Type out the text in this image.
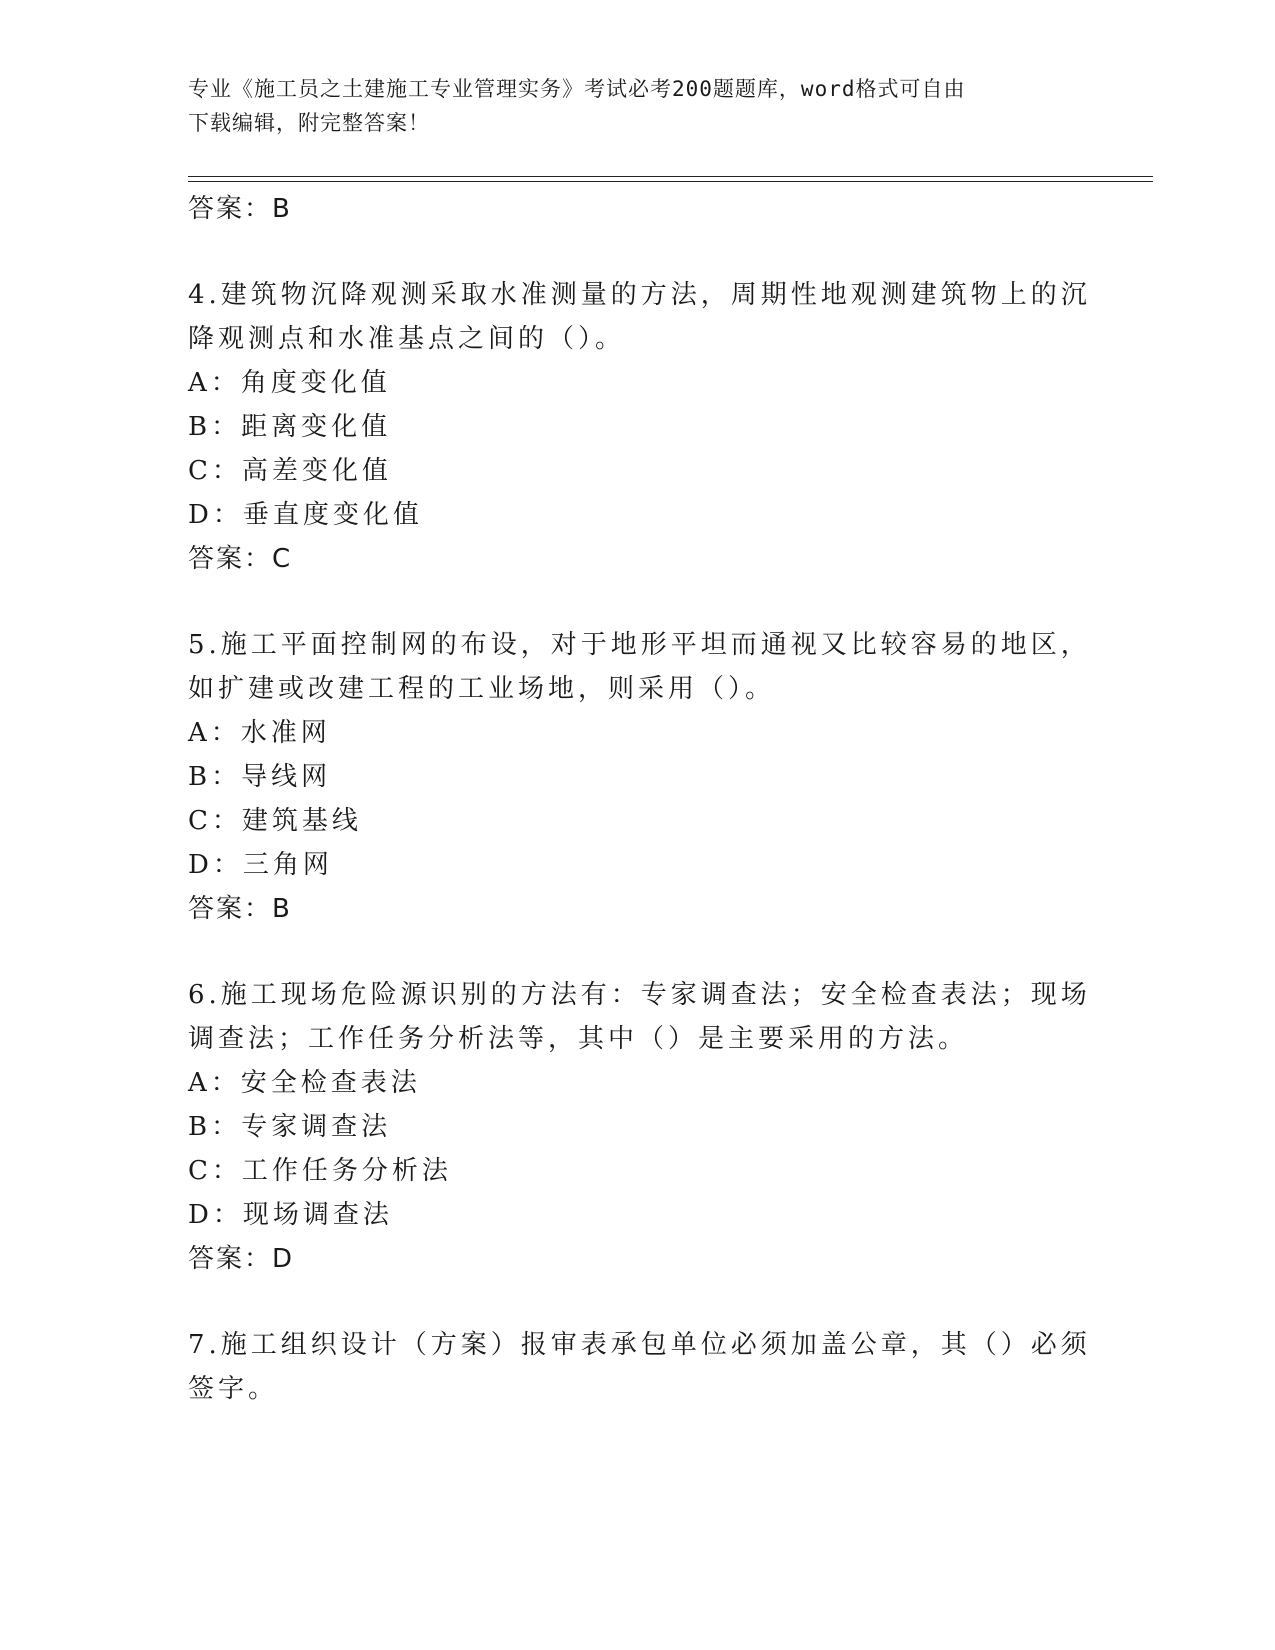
专业《施工员之土建施工专业管理实务》考试必考200题题库，word格式可自由
下载编辑，附完整答案！
答案：B
4.建筑物沉降观测采取水准测量的方法，周期性地观测建筑物上的沉
降观测点和水准基点之间的（）。
A：角度变化值
B：距离变化值
C：高差变化值
D：垂直度变化值
答案：C
5.施工平面控制网的布设，对于地形平坦而通视又比较容易的地区，
如扩建或改建工程的工业场地，则采用（）。
A：水准网
B：导线网
C：建筑基线
D：三角网
答案：B
6.施工现场危险源识别的方法有：专家调查法；安全检查表法；现场
调查法；工作任务分析法等，其中（）是主要采用的方法。
A：安全检查表法
B：专家调查法
C：工作任务分析法
D：现场调查法
答案：D
7.施工组织设计（方案）报审表承包单位必须加盖公章，其（）必须
签字。
